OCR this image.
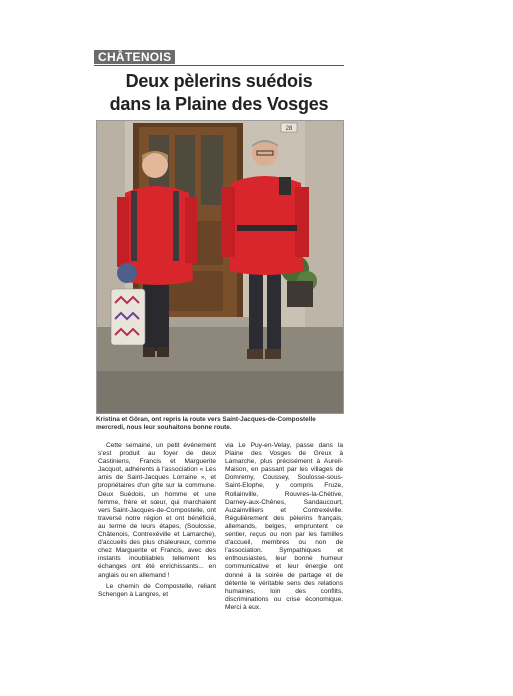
CHÂTENOIS
Deux pèlerins suédois
dans la Plaine des Vosges
28
Kristina et Göran, ont repris la route vers Saint-Jacques-de-Compostelle mercredi, nous leur souhaitons bonne route.

Cette semaine, un petit événement s'est produit au foyer de deux Castiniens, Francis et Marguerite Jacquot, adhérents à l'association « Les amis de Saint-Jacques Lorraine », et propriétaires d'un gîte sur la commune. Deux Suédois, un homme et une femme, frère et sœur, qui marchaient vers Saint-Jacques-de-Compostelle, ont traversé notre région et ont bénéficié, au terme de leurs étapes, (Soulosse, Châtenois, Contrexéville et Lamarche), d'accueils des plus chaleureux, comme chez Marguerite et Francis, avec des instants inoubliables tellement les échanges ont été enrichissants... en anglais ou en allemand !

Le chemin de Compostelle, reliant Schengen à Langres, et

via Le Puy-en-Velay, passe dans la Plaine des Vosges de Greux à Lamarche, plus précisément à Aureil-Maison, en passant par les villages de Domremy, Coussey, Soulosse-sous-Saint-Elophe, y compris Fruze, Rollainville, Rouvres-la-Chétive, Darney-aux-Chênes, Sandaucourt, Auzainvilliers et Contrexéville. Régulièrement des pèlerins français, allemands, belges, empruntent ce sentier, reçus ou non par les familles d'accueil, membres ou non de l'association. Sympathiques et enthousiastes, leur bonne humeur communicative et leur énergie ont donné à la soirée de partage et de détente le véritable sens des relations humaines, loin des conflits, discriminations ou crise économique. Merci à eux.
